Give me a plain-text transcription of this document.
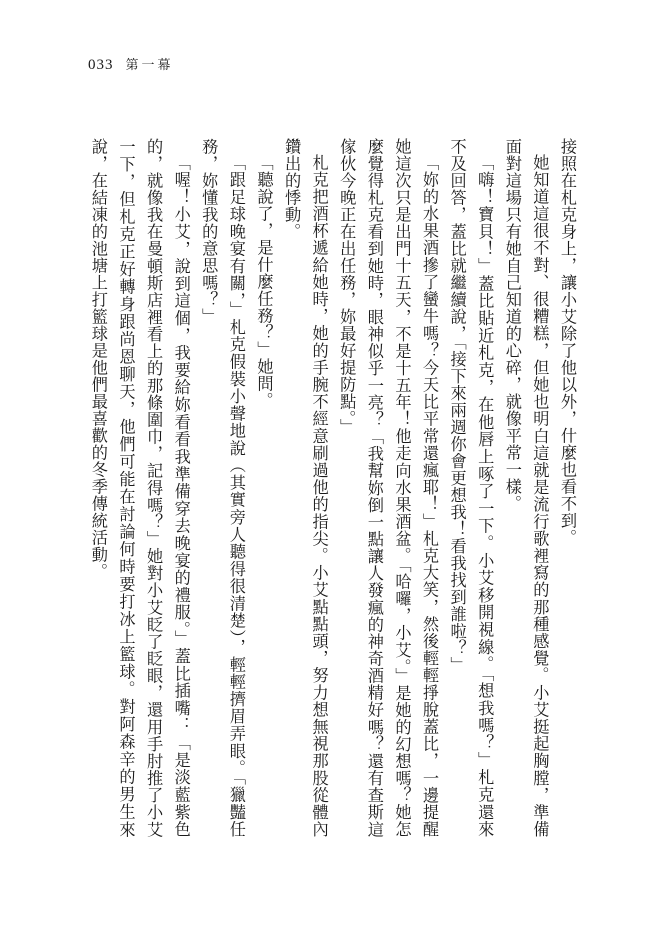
033 第一幕

接照在札克身上，讓小艾除了他以外，什麼也看不到。

她知道這很不對、很糟糕，但她也明白這就是流行歌裡寫的那種感覺。小艾挺起胸膛，準備面對這場只有她自己知道的心碎，就像平常一樣。

「嗨！寶貝！」蓋比貼近札克，在他唇上啄了一下。小艾移開視線。「想我嗎？」札克還來不及回答，蓋比就繼續說，「接下來兩週你會更想我！看我找到誰啦？」

「妳的水果酒摻了蠻牛嗎？今天比平常還瘋耶！」札克大笑，然後輕輕掙脫蓋比，一邊提醒她這次只是出門十五天，不是十五年！他走向水果酒盆。「哈囉，小艾。」是她的幻想嗎？她怎麼覺得札克看到她時，眼神似乎一亮？「我幫妳倒一點讓人發瘋的神奇酒精好嗎？還有查斯這傢伙今晚正在出任務，妳最好提防點。」

札克把酒杯遞給她時，她的手腕不經意刷過他的指尖。小艾點點頭，努力想無視那股從體內鑽出的悸動。

「聽說了，是什麼任務？」她問。

「跟足球晚宴有關，」札克假裝小聲地說（其實旁人聽得很清楚），輕輕擠眉弄眼。「獵豔任務，妳懂我的意思嗎？」

「喔！小艾，說到這個，我要給妳看看我準備穿去晚宴的禮服。」蓋比插嘴：「是淡藍紫色的，就像我在曼頓斯店裡看上的那條圍巾，記得嗎？」她對小艾眨了眨眼，還用手肘推了小艾一下，但札克正好轉身跟尚恩聊天，他們可能在討論何時要打冰上籃球。對阿森辛的男生來說，在結凍的池塘上打籃球是他們最喜歡的冬季傳統活動。
